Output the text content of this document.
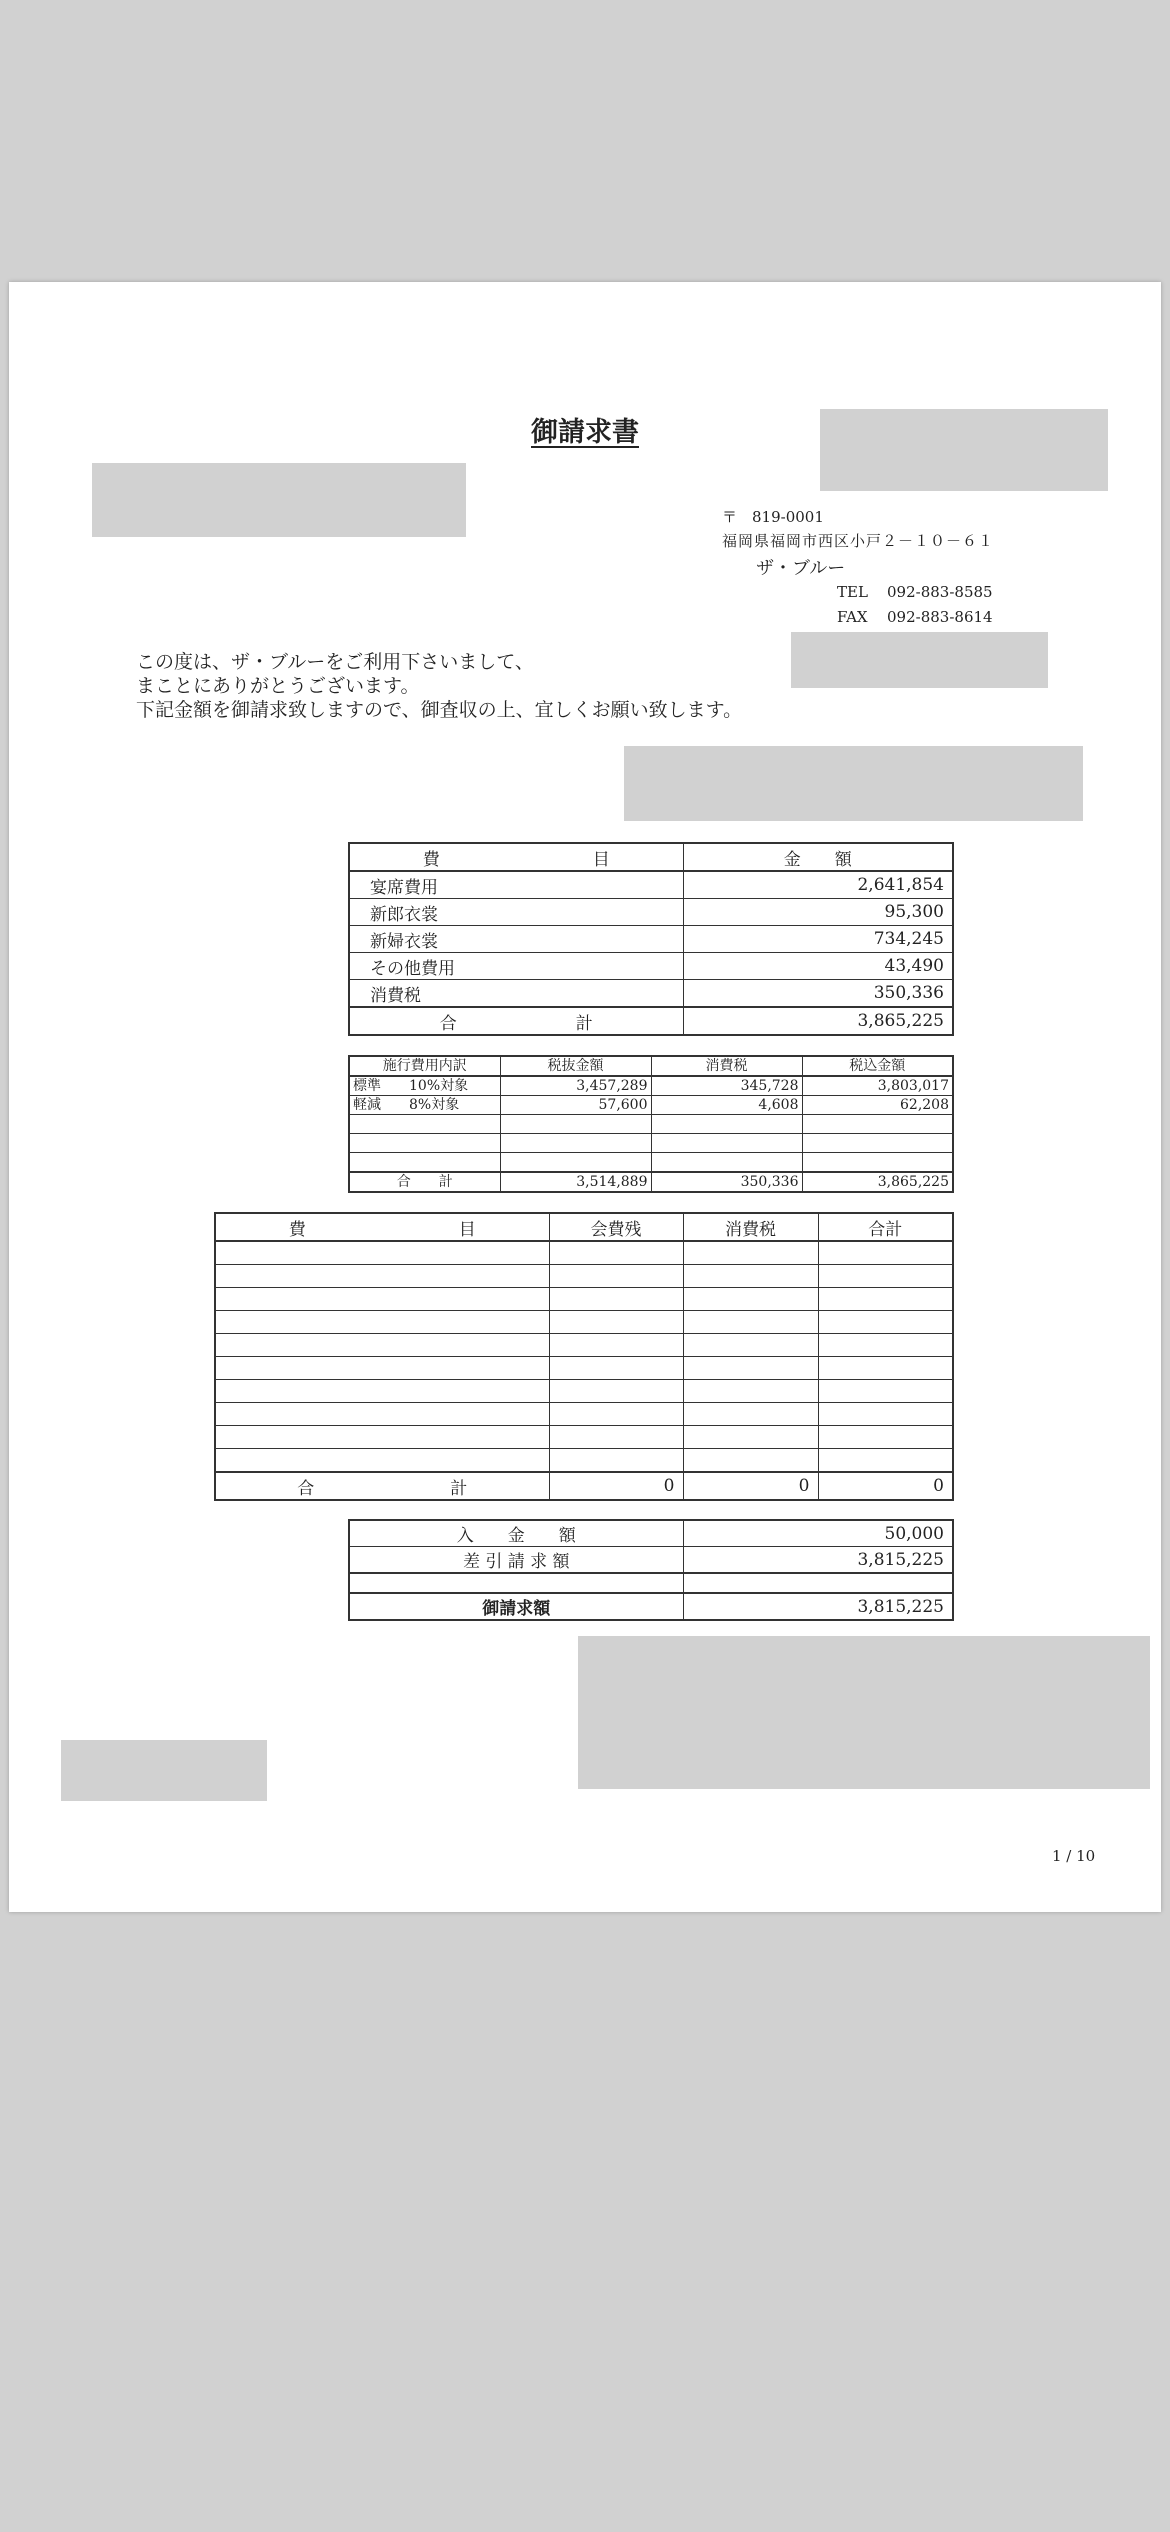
御請求書
〒　819-0001
福岡県福岡市西区小戸２－１０－６１
ザ・ブルー
TEL 092-883-8585
FAX 092-883-8614
この度は、ザ・ブルーをご利用下さいまして、
まことにありがとうございます。
下記金額を御請求致しますので、御査収の上、宜しくお願い致します。
費　　　　　　　　　目	金　　額
宴席費用	2,641,854
新郎衣裳	95,300
新婦衣裳	734,245
その他費用	43,490
消費税	350,336
合　　　　　　　計	3,865,225
施行費用内訳	税抜金額	消費税	税込金額
標準　　10%対象	3,457,289	345,728	3,803,017
軽減　　8%対象	57,600	4,608	62,208

合　　計	3,514,889	350,336	3,865,225
費　　　　　　　　　目	会費残	消費税	合計

合　　　　　　　　計	0	0	0
入　　金　　額	50,000
差 引 請 求 額	3,815,225

御請求額	3,815,225
1 / 10
